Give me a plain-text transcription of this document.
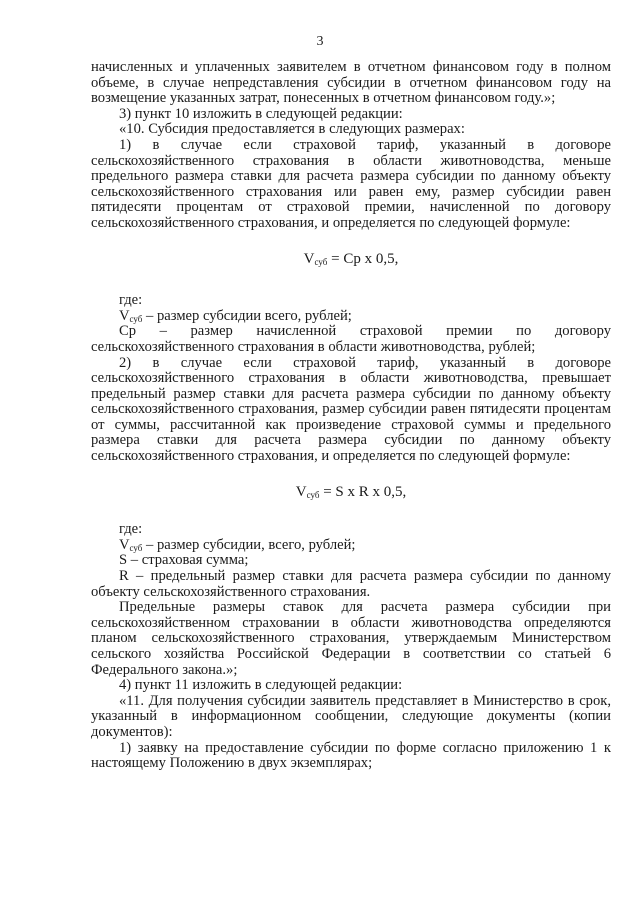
3

начисленных и уплаченных заявителем в отчетном финансовом году в полном объеме, в случае непредставления субсидии в отчетном финансовом году на возмещение указанных затрат, понесенных в отчетном финансовом году.»;

3) пункт 10 изложить в следующей редакции:

«10. Субсидия предоставляется в следующих размерах:

1) в случае если страховой тариф, указанный в договоре сельскохозяйственного страхования в области животноводства, меньше предельного размера ставки для расчета размера субсидии по данному объекту сельскохозяйственного страхования или равен ему, размер субсидии равен пятидесяти процентам от страховой премии, начисленной по договору сельскохозяйственного страхования, и определяется по следующей формуле:

$V_{суб} = Cp$ x 0,5,

где:

$V_{суб}$ – размер субсидии всего, рублей;

Cp – размер начисленной страховой премии по договору сельскохозяйственного страхования в области животноводства, рублей;

2) в случае если страховой тариф, указанный в договоре сельскохозяйственного страхования в области животноводства, превышает предельный размер ставки для расчета размера субсидии по данному объекту сельскохозяйственного страхования, размер субсидии равен пятидесяти процентам от суммы, рассчитанной как произведение страховой суммы и предельного размера ставки для расчета размера субсидии по данному объекту сельскохозяйственного страхования, и определяется по следующей формуле:

$V_{суб} = S$ x R x 0,5,

где:

$V_{суб}$ – размер субсидии, всего, рублей;

S – страховая сумма;

R – предельный размер ставки для расчета размера субсидии по данному объекту сельскохозяйственного страхования.

Предельные размеры ставок для расчета размера субсидии при сельскохозяйственном страховании в области животноводства определяются планом сельскохозяйственного страхования, утверждаемым Министерством сельского хозяйства Российской Федерации в соответствии со статьей 6 Федерального закона.»;

4) пункт 11 изложить в следующей редакции:

«11. Для получения субсидии заявитель представляет в Министерство в срок, указанный в информационном сообщении, следующие документы (копии документов):

1) заявку на предоставление субсидии по форме согласно приложению 1 к настоящему Положению в двух экземплярах;
